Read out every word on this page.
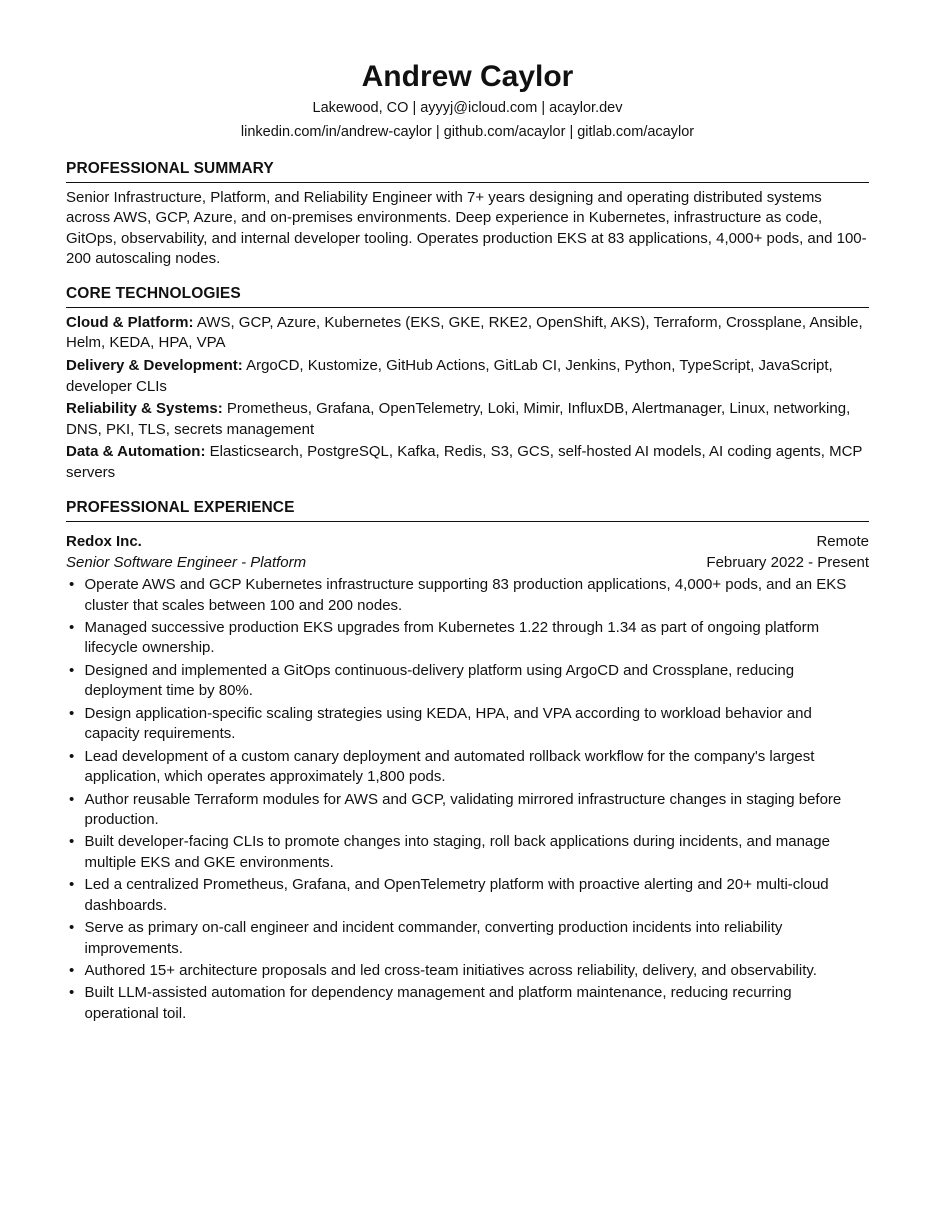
Andrew Caylor

Lakewood, CO | ayyyj@icloud.com | acaylor.dev

linkedin.com/in/andrew-caylor | github.com/acaylor | gitlab.com/acaylor

PROFESSIONAL SUMMARY

Senior Infrastructure, Platform, and Reliability Engineer with 7+ years designing and operating distributed systems across AWS, GCP, Azure, and on-premises environments. Deep experience in Kubernetes, infrastructure as code, GitOps, observability, and internal developer tooling. Operates production EKS at 83 applications, 4,000+ pods, and 100-200 autoscaling nodes.

CORE TECHNOLOGIES

Cloud & Platform: AWS, GCP, Azure, Kubernetes (EKS, GKE, RKE2, OpenShift, AKS), Terraform, Crossplane, Ansible, Helm, KEDA, HPA, VPA

Delivery & Development: ArgoCD, Kustomize, GitHub Actions, GitLab CI, Jenkins, Python, TypeScript, JavaScript, developer CLIs

Reliability & Systems: Prometheus, Grafana, OpenTelemetry, Loki, Mimir, InfluxDB, Alertmanager, Linux, networking, DNS, PKI, TLS, secrets management

Data & Automation: Elasticsearch, PostgreSQL, Kafka, Redis, S3, GCS, self-hosted AI models, AI coding agents, MCP servers

PROFESSIONAL EXPERIENCE
Redox Inc.	Remote
Senior Software Engineer - Platform	February 2022 - Present
• Operate AWS and GCP Kubernetes infrastructure supporting 83 production applications, 4,000+ pods, and an EKS cluster that scales between 100 and 200 nodes.
• Managed successive production EKS upgrades from Kubernetes 1.22 through 1.34 as part of ongoing platform lifecycle ownership.
• Designed and implemented a GitOps continuous-delivery platform using ArgoCD and Crossplane, reducing deployment time by 80%.
• Design application-specific scaling strategies using KEDA, HPA, and VPA according to workload behavior and capacity requirements.
• Lead development of a custom canary deployment and automated rollback workflow for the company's largest application, which operates approximately 1,800 pods.
• Author reusable Terraform modules for AWS and GCP, validating mirrored infrastructure changes in staging before production.
• Built developer-facing CLIs to promote changes into staging, roll back applications during incidents, and manage multiple EKS and GKE environments.
• Led a centralized Prometheus, Grafana, and OpenTelemetry platform with proactive alerting and 20+ multi-cloud dashboards.
• Serve as primary on-call engineer and incident commander, converting production incidents into reliability improvements.
• Authored 15+ architecture proposals and led cross-team initiatives across reliability, delivery, and observability.
• Built LLM-assisted automation for dependency management and platform maintenance, reducing recurring operational toil.
